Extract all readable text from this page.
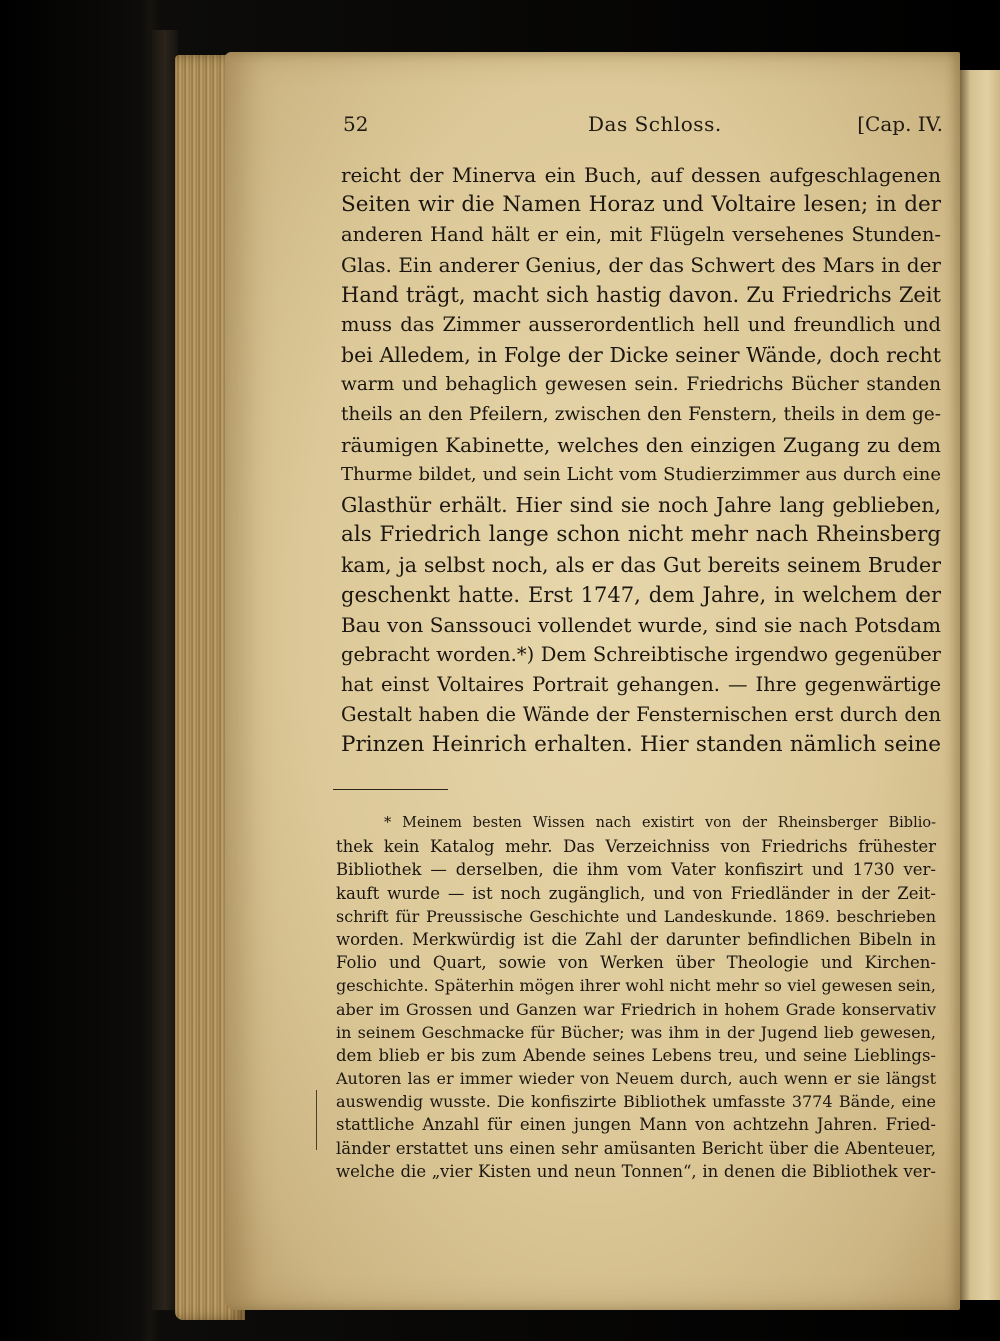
52	Das Schloss.	[Cap. IV.
reicht der Minerva ein Buch, auf dessen aufgeschlagenen
Seiten wir die Namen Horaz und Voltaire lesen; in der
anderen Hand hält er ein, mit Flügeln versehenes Stunden-
Glas. Ein anderer Genius, der das Schwert des Mars in der
Hand trägt, macht sich hastig davon. Zu Friedrichs Zeit
muss das Zimmer ausserordentlich hell und freundlich und
bei Alledem, in Folge der Dicke seiner Wände, doch recht
warm und behaglich gewesen sein. Friedrichs Bücher standen
theils an den Pfeilern, zwischen den Fenstern, theils in dem ge-
räumigen Kabinette, welches den einzigen Zugang zu dem
Thurme bildet, und sein Licht vom Studierzimmer aus durch eine
Glasthür erhält. Hier sind sie noch Jahre lang geblieben,
als Friedrich lange schon nicht mehr nach Rheinsberg
kam, ja selbst noch, als er das Gut bereits seinem Bruder
geschenkt hatte. Erst 1747, dem Jahre, in welchem der
Bau von Sanssouci vollendet wurde, sind sie nach Potsdam
gebracht worden.*) Dem Schreibtische irgendwo gegenüber
hat einst Voltaires Portrait gehangen. — Ihre gegenwärtige
Gestalt haben die Wände der Fensternischen erst durch den
Prinzen Heinrich erhalten. Hier standen nämlich seine
* Meinem besten Wissen nach existirt von der Rheinsberger Biblio-
thek kein Katalog mehr. Das Verzeichniss von Friedrichs frühester
Bibliothek — derselben, die ihm vom Vater konfiszirt und 1730 ver-
kauft wurde — ist noch zugänglich, und von Friedländer in der Zeit-
schrift für Preussische Geschichte und Landeskunde. 1869. beschrieben
worden. Merkwürdig ist die Zahl der darunter befindlichen Bibeln in
Folio und Quart, sowie von Werken über Theologie und Kirchen-
geschichte. Späterhin mögen ihrer wohl nicht mehr so viel gewesen sein,
aber im Grossen und Ganzen war Friedrich in hohem Grade konservativ
in seinem Geschmacke für Bücher; was ihm in der Jugend lieb gewesen,
dem blieb er bis zum Abende seines Lebens treu, und seine Lieblings-
Autoren las er immer wieder von Neuem durch, auch wenn er sie längst
auswendig wusste. Die konfiszirte Bibliothek umfasste 3774 Bände, eine
stattliche Anzahl für einen jungen Mann von achtzehn Jahren. Fried-
länder erstattet uns einen sehr amüsanten Bericht über die Abenteuer,
welche die „vier Kisten und neun Tonnen“, in denen die Bibliothek ver-
